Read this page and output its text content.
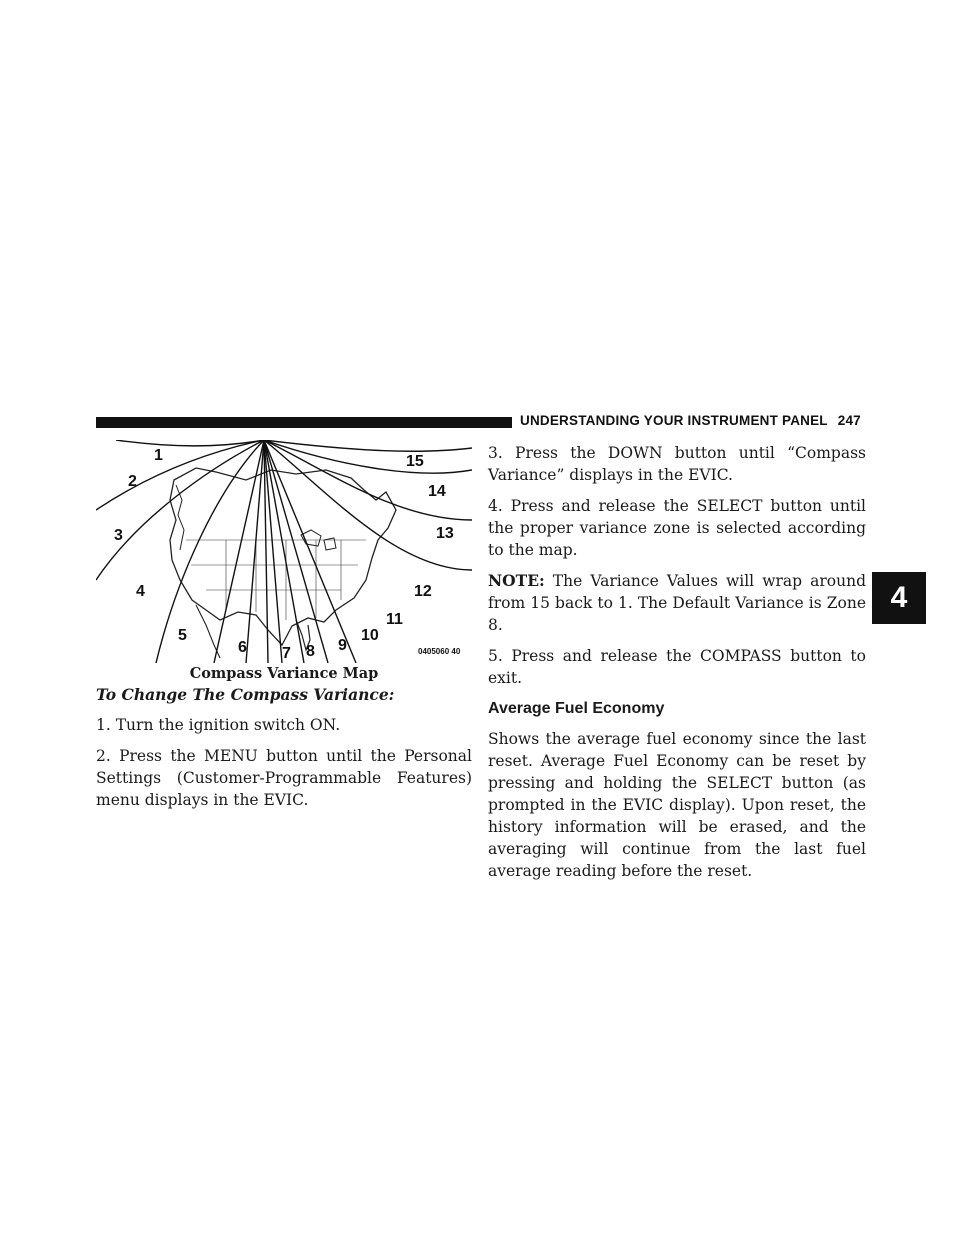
UNDERSTANDING YOUR INSTRUMENT PANEL 247
4
1
2
3
4
5
6 7 8 9
10
11
12
13
14
15
0405060 40
Compass Variance Map

To Change The Compass Variance:

1. Turn the ignition switch ON.

2. Press the MENU button until the Personal Settings (Customer-Programmable Features) menu displays in the EVIC.

3. Press the DOWN button until “Compass Variance” displays in the EVIC.

4. Press and release the SELECT button until the proper variance zone is selected according to the map.

NOTE: The Variance Values will wrap around from 15 back to 1. The Default Variance is Zone 8.

5. Press and release the COMPASS button to exit.

Average Fuel Economy

Shows the average fuel economy since the last reset. Average Fuel Economy can be reset by pressing and holding the SELECT button (as prompted in the EVIC display). Upon reset, the history information will be erased, and the averaging will continue from the last fuel average reading before the reset.
